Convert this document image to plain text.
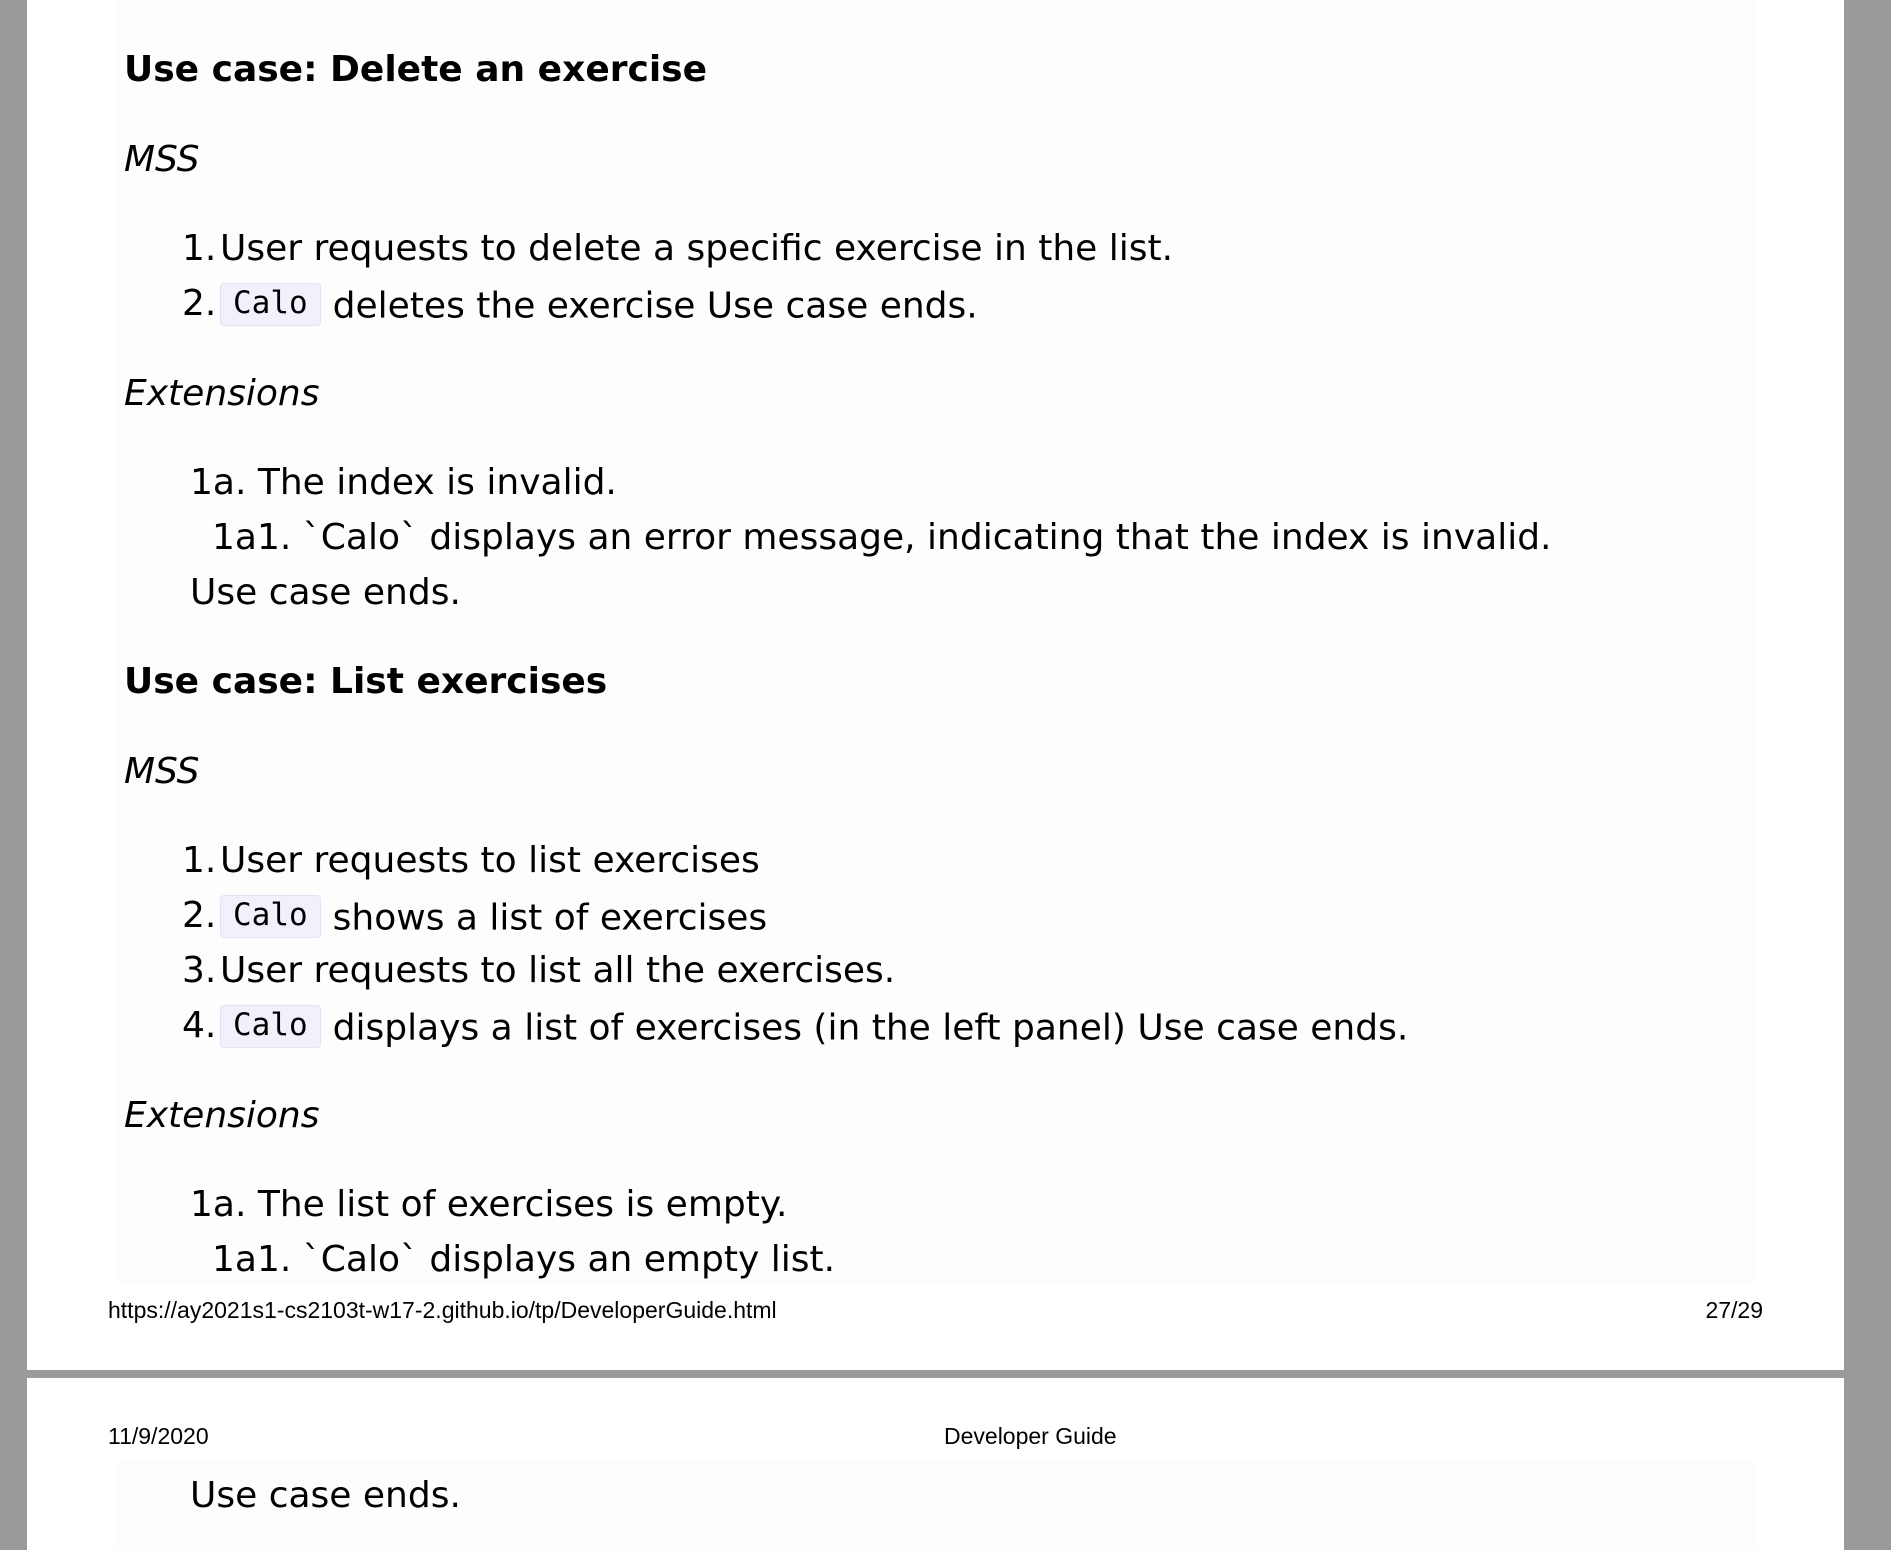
Use case: Delete an exercise

MSS

1. User requests to delete a specific exercise in the list.
2. Calo deletes the exercise Use case ends.

Extensions

1a. The index is invalid.
1a1. `Calo` displays an error message, indicating that the index is invalid.
Use case ends.
Use case: List exercises

MSS

1. User requests to list exercises
2. Calo shows a list of exercises
3. User requests to list all the exercises.
4. Calo displays a list of exercises (in the left panel) Use case ends.

Extensions

1a. The list of exercises is empty.
1a1. `Calo` displays an empty list.
https://ay2021s1-cs2103t-w17-2.github.io/tp/DeveloperGuide.html	27/29
11/9/2020	Developer Guide
Use case ends.
